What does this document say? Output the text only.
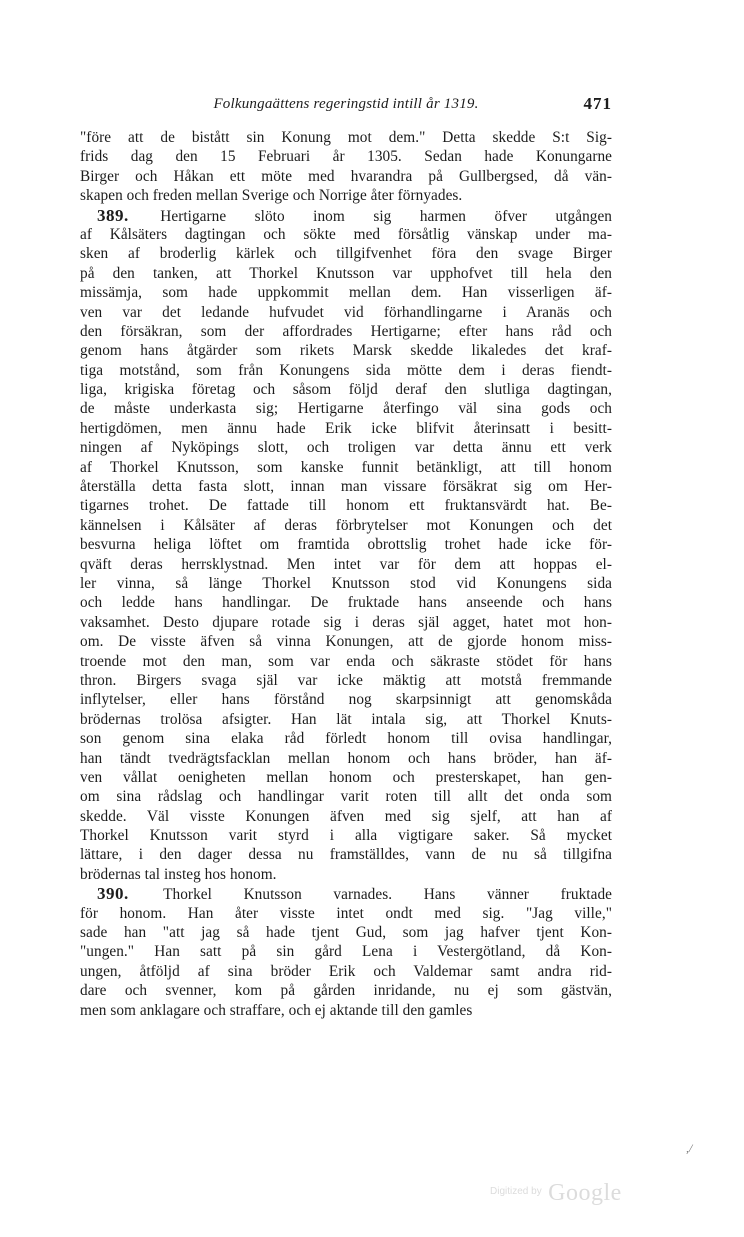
Folkungaättens regeringstid intill år 1319.	471
"före att de bistått sin Konung mot dem." Detta skedde S:t Sig-
frids dag den 15 Februari år 1305. Sedan hade Konungarne
Birger och Håkan ett möte med hvarandra på Gullbergsed, då vän-
skapen och freden mellan Sverige och Norrige åter förnyades.
389. Hertigarne slöto inom sig harmen öfver utgången
af Kålsäters dagtingan och sökte med försåtlig vänskap under ma-
sken af broderlig kärlek och tillgifvenhet föra den svage Birger
på den tanken, att Thorkel Knutsson var upphofvet till hela den
missämja, som hade uppkommit mellan dem. Han visserligen äf-
ven var det ledande hufvudet vid förhandlingarne i Aranäs och
den försäkran, som der affordrades Hertigarne; efter hans råd och
genom hans åtgärder som rikets Marsk skedde likaledes det kraf-
tiga motstånd, som från Konungens sida mötte dem i deras fiendt-
liga, krigiska företag och såsom följd deraf den slutliga dagtingan,
de måste underkasta sig; Hertigarne återfingo väl sina gods och
hertigdömen, men ännu hade Erik icke blifvit återinsatt i besitt-
ningen af Nyköpings slott, och troligen var detta ännu ett verk
af Thorkel Knutsson, som kanske funnit betänkligt, att till honom
återställa detta fasta slott, innan man vissare försäkrat sig om Her-
tigarnes trohet. De fattade till honom ett fruktansvärdt hat. Be-
kännelsen i Kålsäter af deras förbrytelser mot Konungen och det
besvurna heliga löftet om framtida obrottslig trohet hade icke för-
qväft deras herrsklystnad. Men intet var för dem att hoppas el-
ler vinna, så länge Thorkel Knutsson stod vid Konungens sida
och ledde hans handlingar. De fruktade hans anseende och hans
vaksamhet. Desto djupare rotade sig i deras själ agget, hatet mot hon-
om. De visste äfven så vinna Konungen, att de gjorde honom miss-
troende mot den man, som var enda och säkraste stödet för hans
thron. Birgers svaga själ var icke mäktig att motstå fremmande
inflytelser, eller hans förstånd nog skarpsinnigt att genomskåda
brödernas trolösa afsigter. Han lät intala sig, att Thorkel Knuts-
son genom sina elaka råd förledt honom till ovisa handlingar,
han tändt tvedrägtsfacklan mellan honom och hans bröder, han äf-
ven vållat oenigheten mellan honom och presterskapet, han gen-
om sina rådslag och handlingar varit roten till allt det onda som
skedde. Väl visste Konungen äfven med sig sjelf, att han af
Thorkel Knutsson varit styrd i alla vigtigare saker. Så mycket
lättare, i den dager dessa nu framställdes, vann de nu så tillgifna
brödernas tal insteg hos honom.
390. Thorkel Knutsson varnades. Hans vänner fruktade
för honom. Han åter visste intet ondt med sig. "Jag ville,"
sade han "att jag så hade tjent Gud, som jag hafver tjent Kon-
"ungen." Han satt på sin gård Lena i Vestergötland, då Kon-
ungen, åtföljd af sina bröder Erik och Valdemar samt andra rid-
dare och svenner, kom på gården inridande, nu ej som gästvän,
men som anklagare och straffare, och ej aktande till den gamles
,/
$^{Digitized by}$ Google
